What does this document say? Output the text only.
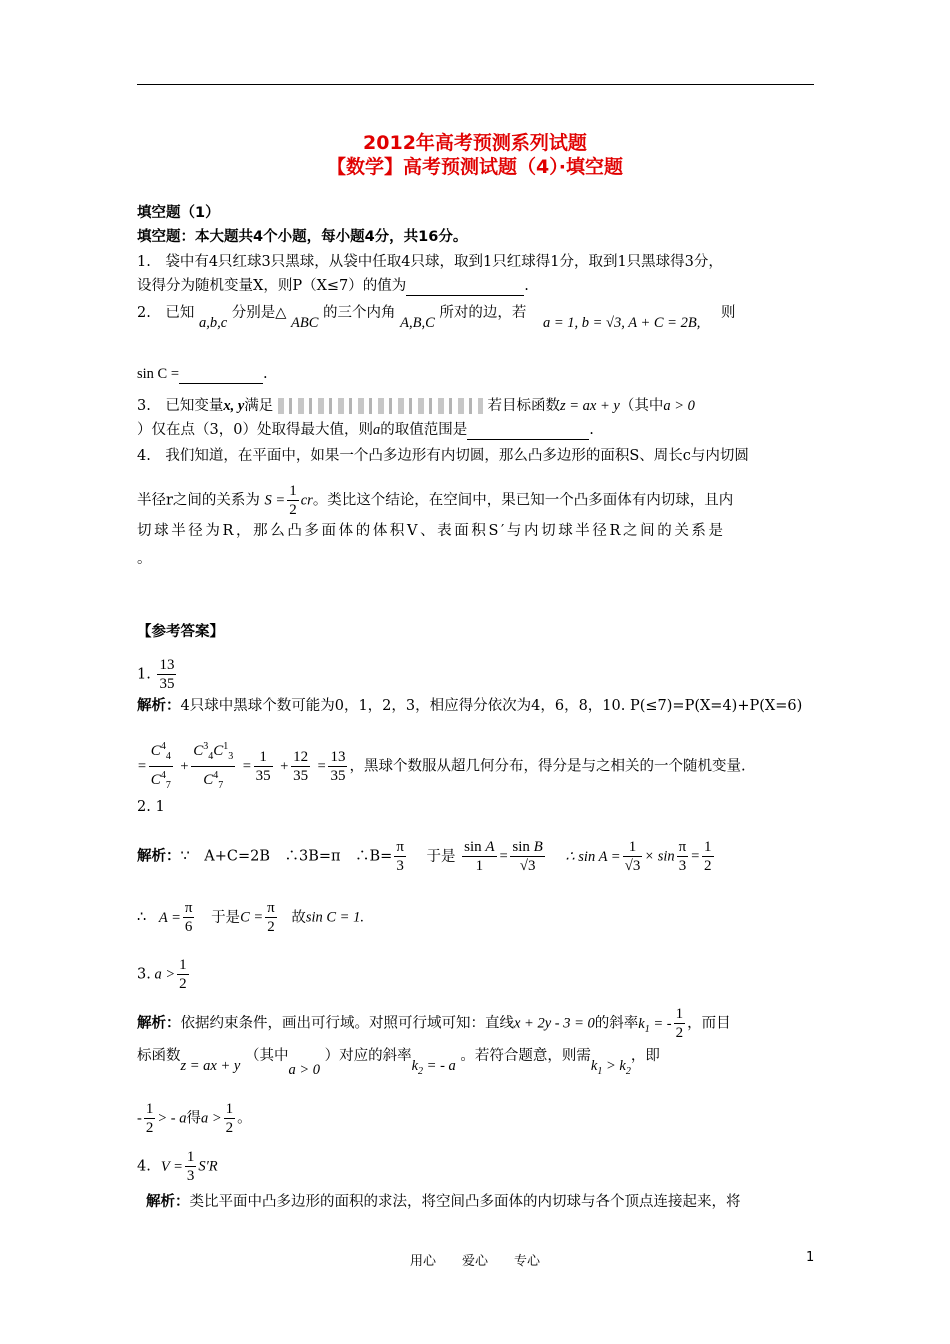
2012年高考预测系列试题
【数学】高考预测试题（4）·填空题
填空题（1）
填空题：本大题共4个小题，每小题4分，共16分。
1.　袋中有4只红球3只黑球，从袋中任取4只球，取到1只红球得1分，取到1只黑球得3分，
设得分为随机变量X，则P（X≤7）的值为	.
2.　已知 a,b,c 分别是△ ABC 的三个内角 A,B,C 所对的边，若 a = 1, b = √3, A + C = 2B, 则
sin C =	.
3.　已知变量x, y满足	若目标函数z = ax + y（其中a > 0
）仅在点（3，0）处取得最大值，则a的取值范围是	.
4.　我们知道，在平面中，如果一个凸多边形有内切圆，那么凸多边形的面积S、周长c与内切圆
半径r之间的关系为 $S = \frac{1}{2}$ cr。类比这个结论，在空间中，果已知一个凸多面体有内切球，且内
切球半径为R，那么凸多面体的体积V、表面积S′与内切球半径R之间的关系是
。
【参考答案】
1. $\frac{13}{35}$
解析：4只球中黑球个数可能为0，1，2，3，相应得分依次为4，6，8，10. P(≤7)=P(X=4)+P(X=6)
= $\frac{C^4_4}{C^4_7} + \frac{C^3_4C^1_3}{C^4_7} = \frac{1}{35} + \frac{12}{35} = \frac{13}{35}$ ，黑球个数服从超几何分布，得分是与之相关的一个随机变量.
2. 1
解析：∵　A+C=2B　∴3B=π　∴B= $\frac{\pi}{3}$ 于是 $\frac{\text{sin A}}{1} = \frac{\text{sin B}}{√3}$ ∴ $\sin A = \frac{1}{√3} \times \sin \frac{\pi}{3} = \frac{1}{2}$
∴ $A = \frac{\pi}{6}$ 于是$C = \frac{\pi}{2}$ 故sin C = 1.
3. $a > \frac{1}{2}$
解析：依据约束条件，画出可行域。对照可行域可知：直线x + 2y - 3 = 0的斜率$k_1$ = - $\frac{1}{2}$ ，而目
标函数z = ax + y （其中a > 0 ）对应的斜率$k_2$ = - a 。若符合题意，则需$k_1 > k_2$，即
- $\frac{1}{2}$ > - a得$a > \frac{1}{2}$ 。
4. $V = \frac{1}{3} S'R$
解析：类比平面中凸多边形的面积的求法，将空间凸多面体的内切球与各个顶点连接起来，将
用心　　爱心　　专心	1
